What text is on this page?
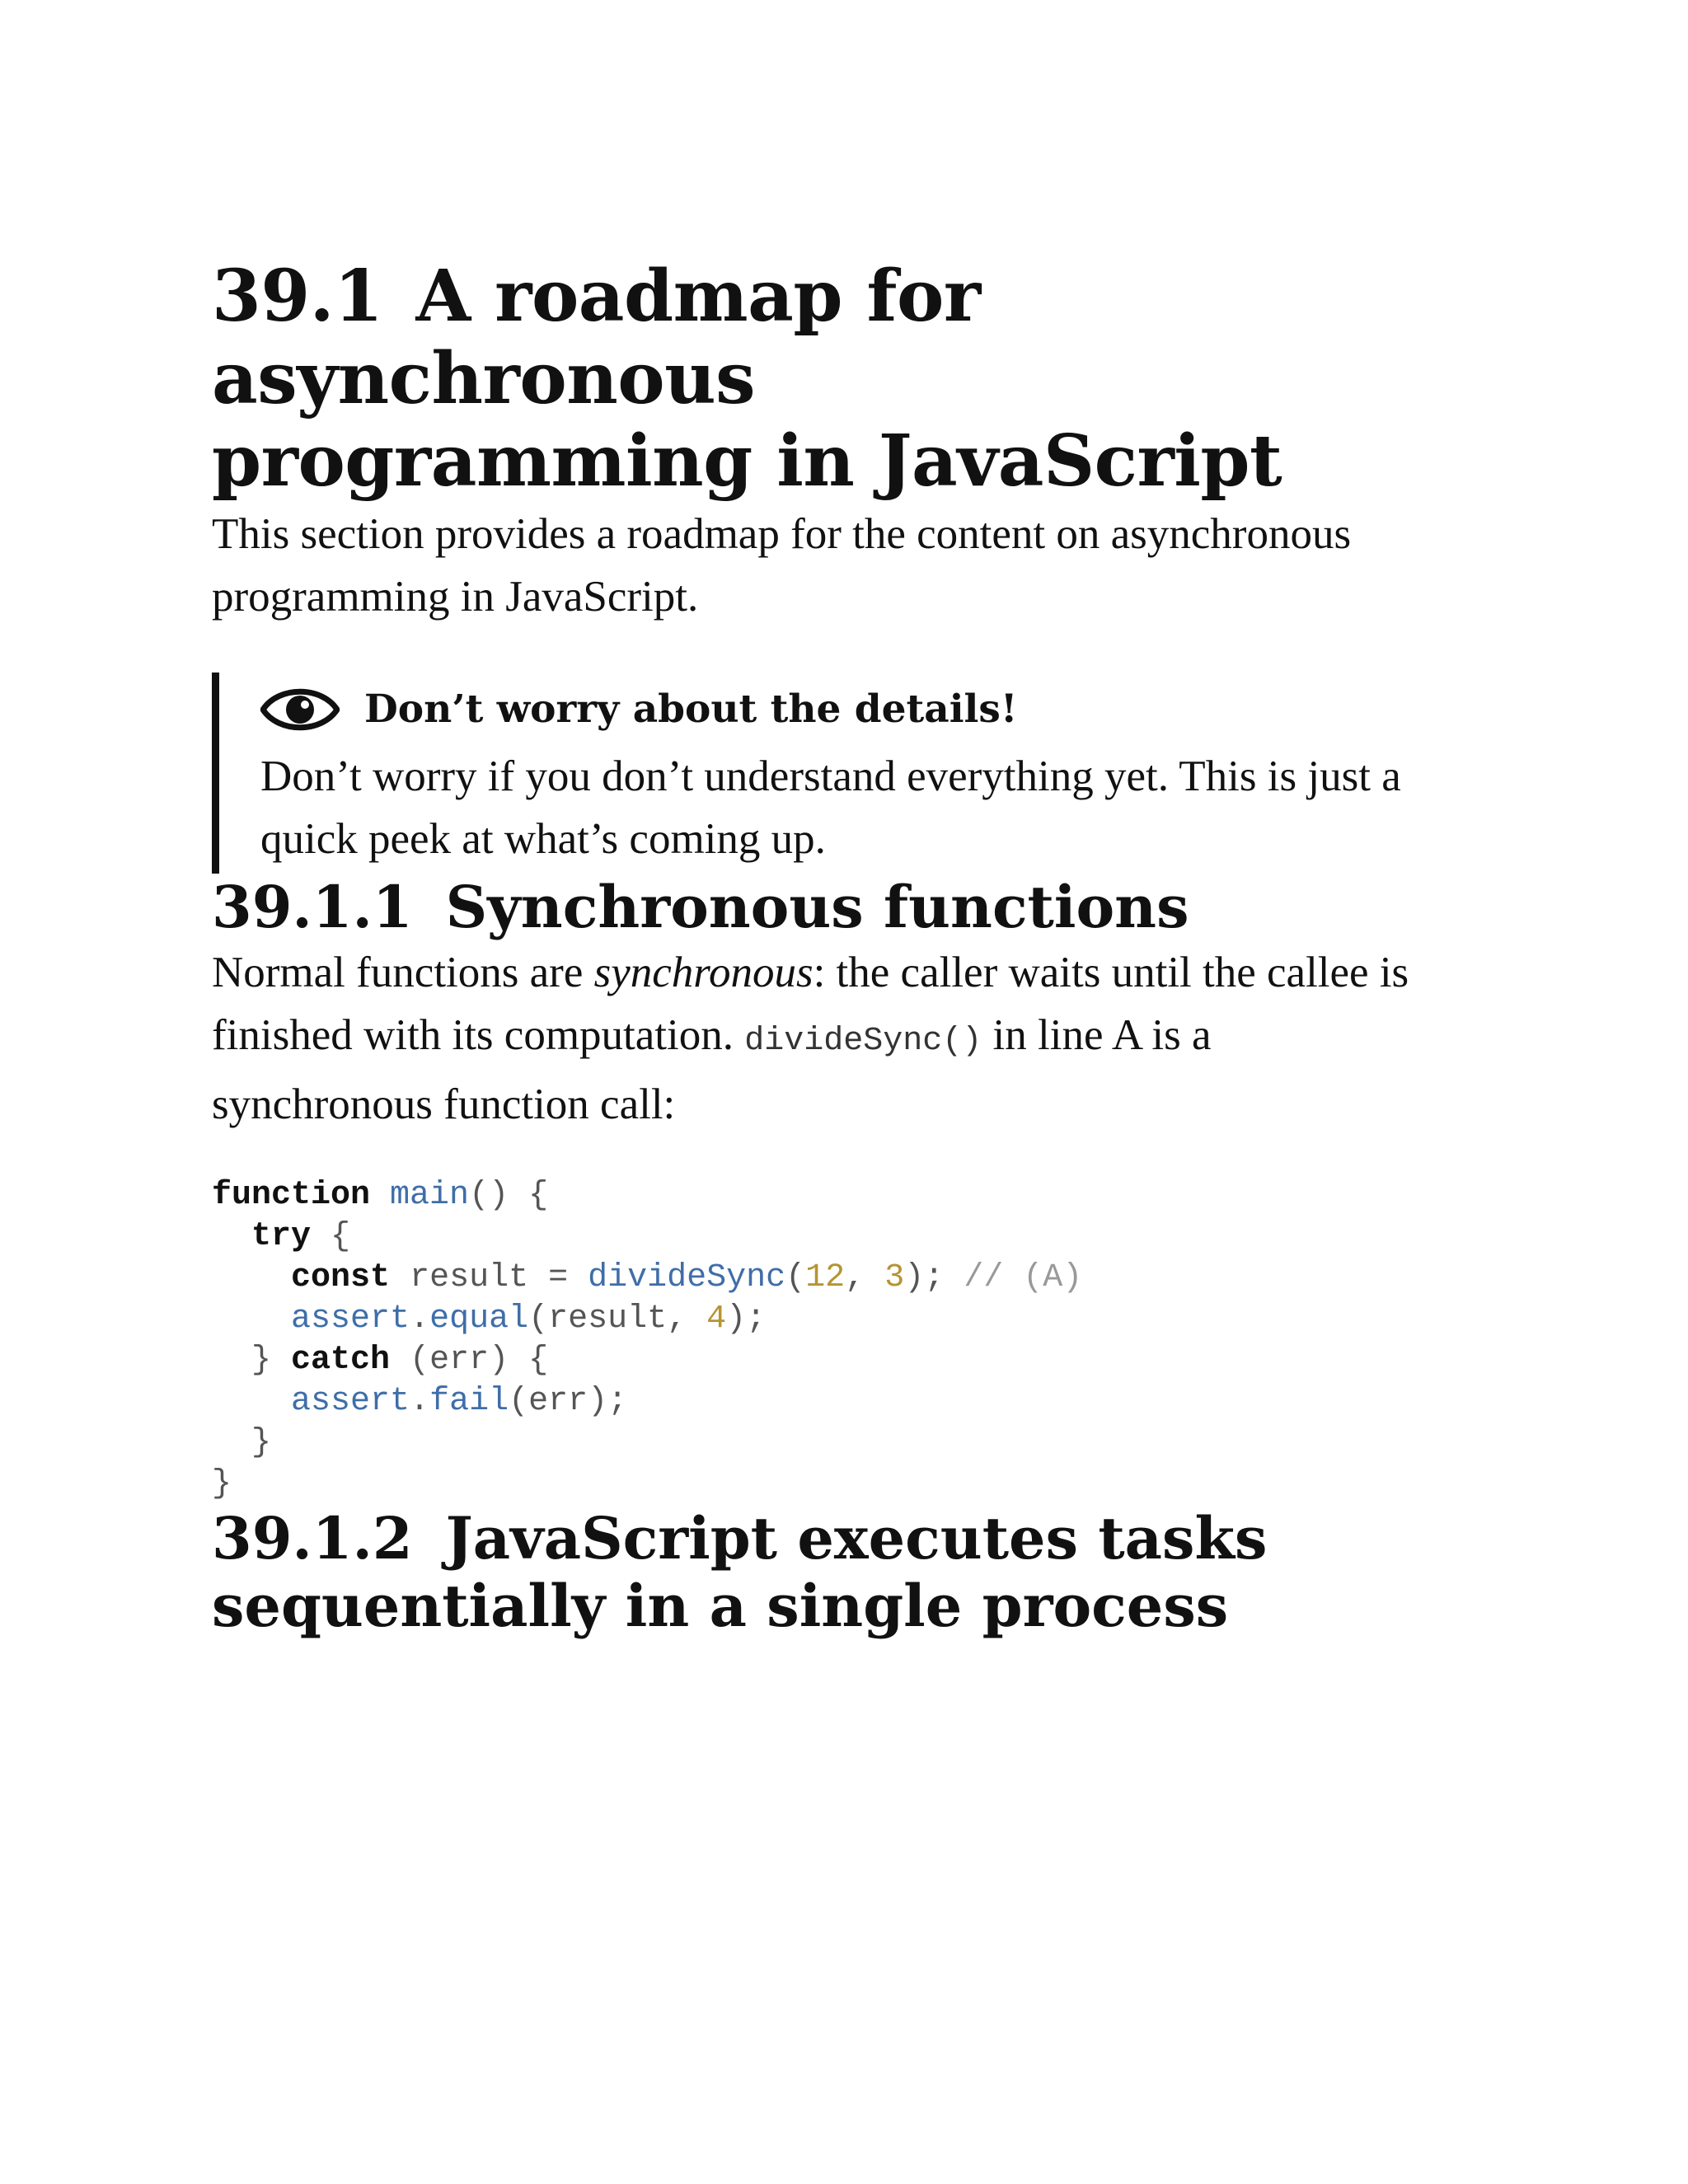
39.1 A roadmap for asynchronous
programming in JavaScript

This section provides a roadmap for the content on asynchronous
programming in JavaScript.

Don’t worry about the details!

Don’t worry if you don’t understand everything yet. This is just a
quick peek at what’s coming up.

39.1.1 Synchronous functions

Normal functions are synchronous: the caller waits until the callee is
finished with its computation. divideSync() in line A is a
synchronous function call:

function main() {
try {
const result = divideSync(12, 3); // (A)
assert.equal(result, 4);
} catch (err) {
assert.fail(err);
}
}
39.1.2 JavaScript executes tasks
sequentially in a single process
